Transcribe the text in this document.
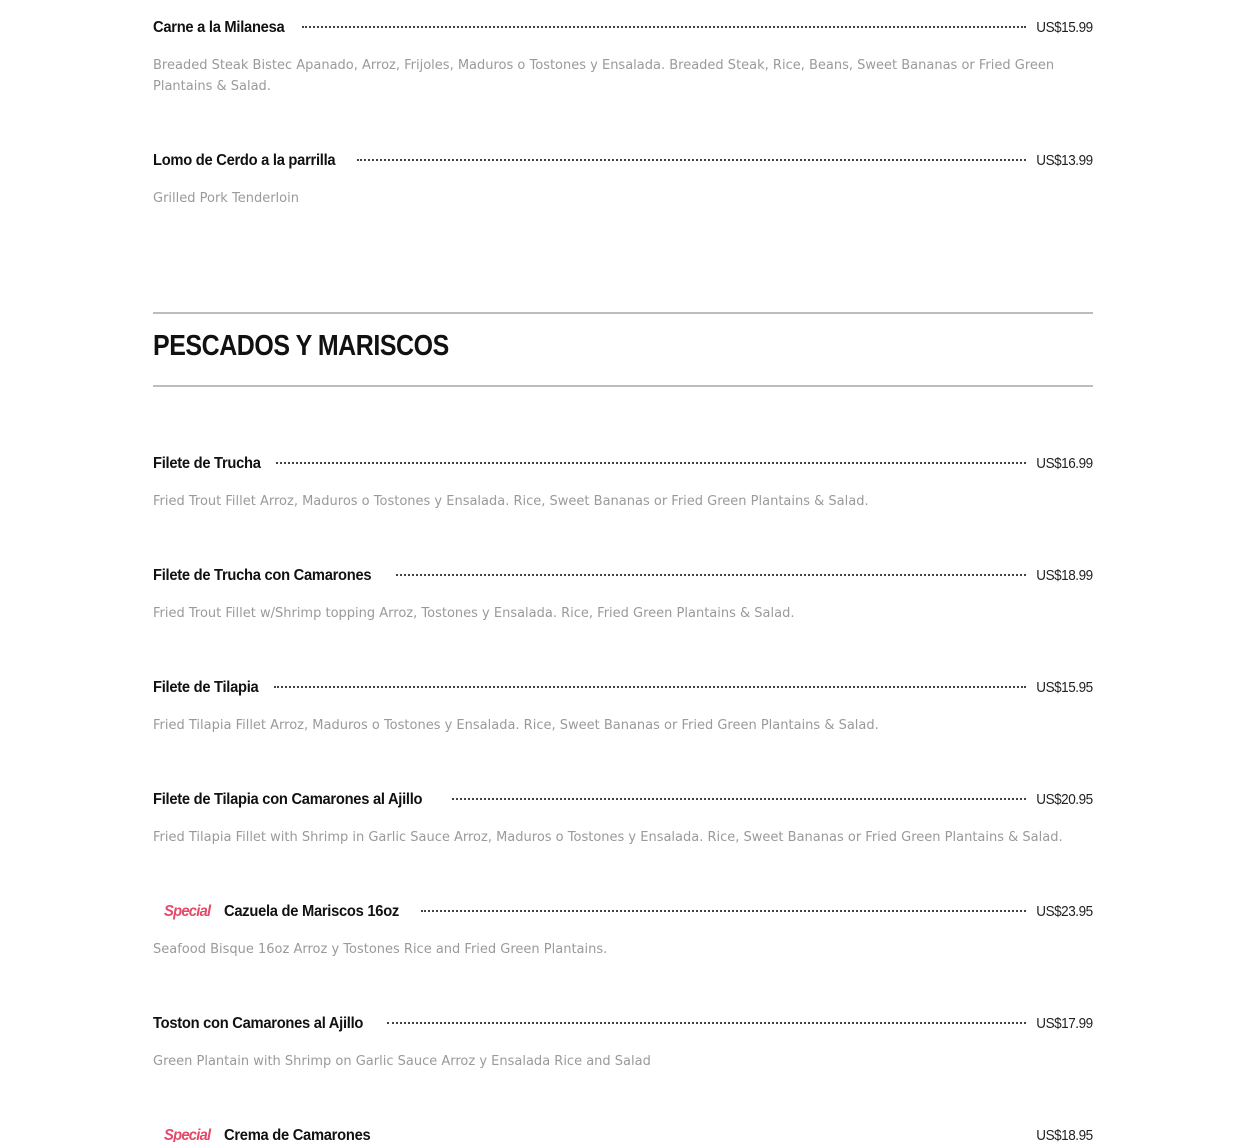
Carne a la Milanesa	US$15.99
Breaded Steak Bistec Apanado, Arroz, Frijoles, Maduros o Tostones y Ensalada. Breaded Steak, Rice, Beans, Sweet Bananas or Fried Green Plantains & Salad.
Lomo de Cerdo a la parrilla	US$13.99
Grilled Pork Tenderloin
PESCADOS Y MARISCOS
Filete de Trucha	US$16.99
Fried Trout Fillet Arroz, Maduros o Tostones y Ensalada. Rice, Sweet Bananas or Fried Green Plantains & Salad.
Filete de Trucha con Camarones	US$18.99
Fried Trout Fillet w/Shrimp topping Arroz, Tostones y Ensalada. Rice, Fried Green Plantains & Salad.
Filete de Tilapia	US$15.95
Fried Tilapia Fillet Arroz, Maduros o Tostones y Ensalada. Rice, Sweet Bananas or Fried Green Plantains & Salad.
Filete de Tilapia con Camarones al Ajillo	US$20.95
Fried Tilapia Fillet with Shrimp in Garlic Sauce Arroz, Maduros o Tostones y Ensalada. Rice, Sweet Bananas or Fried Green Plantains & Salad.
Special Cazuela de Mariscos 16oz	US$23.95
Seafood Bisque 16oz Arroz y Tostones Rice and Fried Green Plantains.
Toston con Camarones al Ajillo	US$17.99
Green Plantain with Shrimp on Garlic Sauce Arroz y Ensalada Rice and Salad
Special Crema de Camarones	US$18.95
